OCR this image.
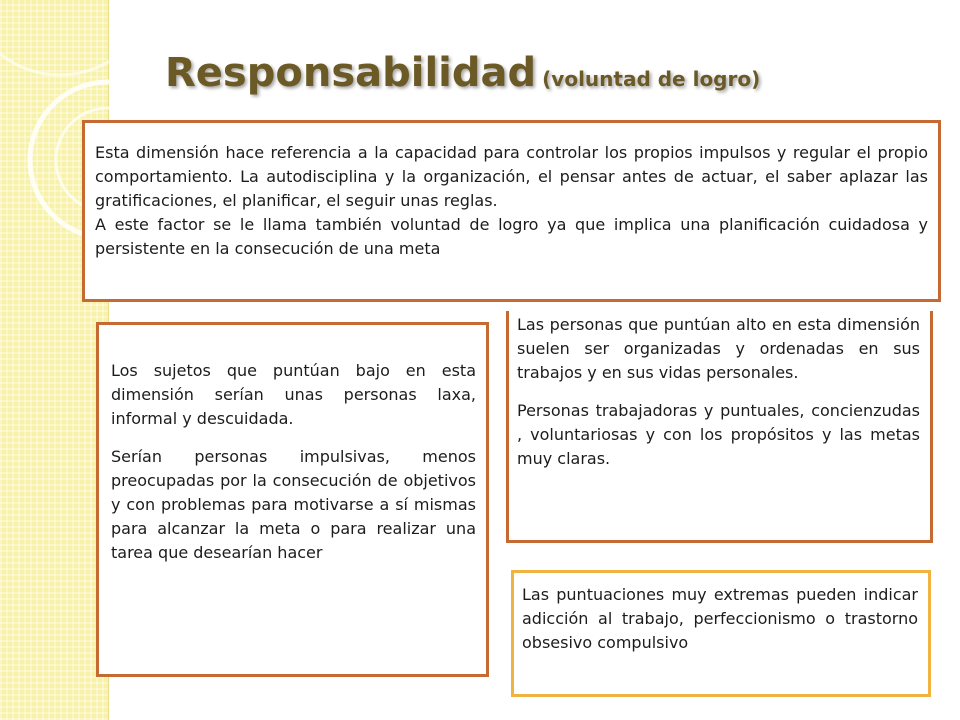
Responsabilidad (voluntad de logro)

Esta dimensión hace referencia a la capacidad para controlar los propios impulsos y regular el propio comportamiento. La autodisciplina y la organización, el pensar antes de actuar, el saber aplazar las gratificaciones, el planificar, el seguir unas reglas.

A este factor se le llama también voluntad de logro ya que implica una planificación cuidadosa y persistente en la consecución de una meta

Los sujetos que puntúan bajo en esta dimensión serían unas personas laxa, informal y descuidada.

Serían personas impulsivas, menos preocupadas por la consecución de objetivos y con problemas para motivarse a sí mismas para alcanzar la meta o para realizar una tarea que desearían hacer

Las personas que puntúan alto en esta dimensión suelen ser organizadas y ordenadas en sus trabajos y en sus vidas personales.

Personas trabajadoras y puntuales, concienzudas , voluntariosas y con los propósitos y las metas muy claras.

Las puntuaciones muy extremas pueden indicar adicción al trabajo, perfeccionismo o trastorno obsesivo compulsivo
